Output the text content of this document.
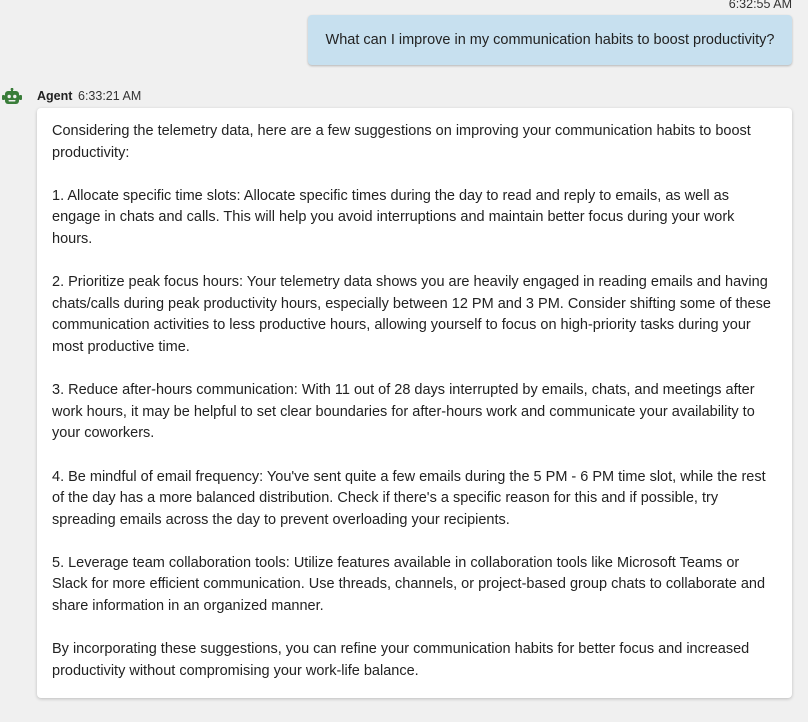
6:32:55 AM
What can I improve in my communication habits to boost productivity?
Agent 6:33:21 AM

Considering the telemetry data, here are a few suggestions on improving your communication habits to boost productivity:

1. Allocate specific time slots: Allocate specific times during the day to read and reply to emails, as well as engage in chats and calls. This will help you avoid interruptions and maintain better focus during your work hours.

2. Prioritize peak focus hours: Your telemetry data shows you are heavily engaged in reading emails and having chats/calls during peak productivity hours, especially between 12 PM and 3 PM. Consider shifting some of these communication activities to less productive hours, allowing yourself to focus on high-priority tasks during your most productive time.

3. Reduce after-hours communication: With 11 out of 28 days interrupted by emails, chats, and meetings after work hours, it may be helpful to set clear boundaries for after-hours work and communicate your availability to your coworkers.

4. Be mindful of email frequency: You've sent quite a few emails during the 5 PM - 6 PM time slot, while the rest of the day has a more balanced distribution. Check if there's a specific reason for this and if possible, try spreading emails across the day to prevent overloading your recipients.

5. Leverage team collaboration tools: Utilize features available in collaboration tools like Microsoft Teams or Slack for more efficient communication. Use threads, channels, or project-based group chats to collaborate and share information in an organized manner.

By incorporating these suggestions, you can refine your communication habits for better focus and increased productivity without compromising your work-life balance.
